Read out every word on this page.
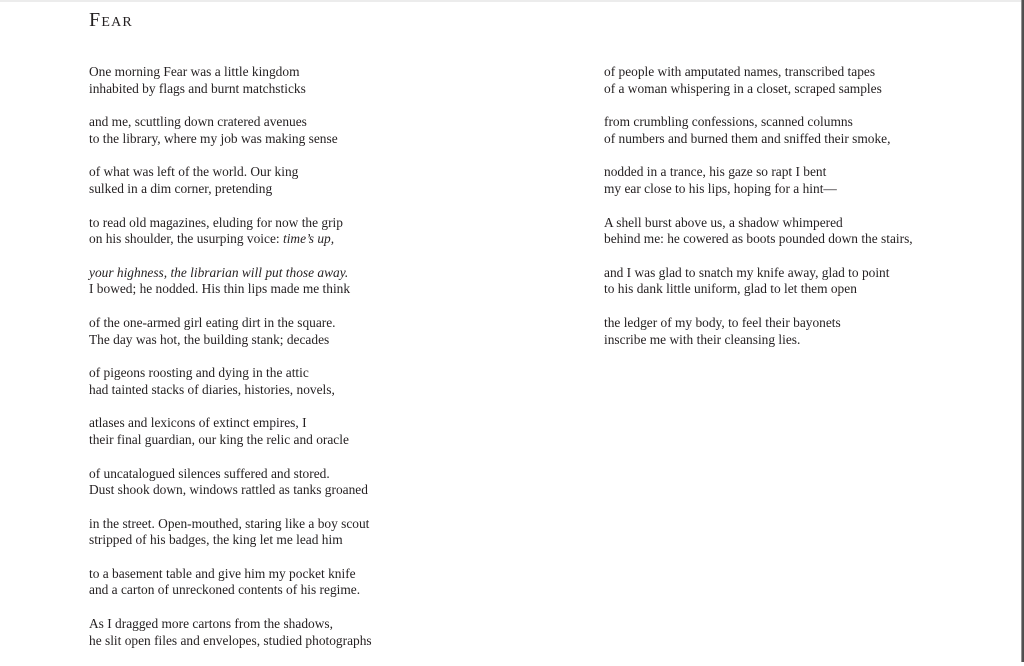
Fear
One morning Fear was a little kingdom
inhabited by flags and burnt matchsticks
and me, scuttling down cratered avenues
to the library, where my job was making sense
of what was left of the world. Our king
sulked in a dim corner, pretending
to read old magazines, eluding for now the grip
on his shoulder, the usurping voice: time’s up,
your highness, the librarian will put those away.
I bowed; he nodded. His thin lips made me think
of the one-armed girl eating dirt in the square.
The day was hot, the building stank; decades
of pigeons roosting and dying in the attic
had tainted stacks of diaries, histories, novels,
atlases and lexicons of extinct empires, I
their final guardian, our king the relic and oracle
of uncatalogued silences suffered and stored.
Dust shook down, windows rattled as tanks groaned
in the street. Open-mouthed, staring like a boy scout
stripped of his badges, the king let me lead him
to a basement table and give him my pocket knife
and a carton of unreckoned contents of his regime.
As I dragged more cartons from the shadows,
he slit open files and envelopes, studied photographs
of people with amputated names, transcribed tapes
of a woman whispering in a closet, scraped samples
from crumbling confessions, scanned columns
of numbers and burned them and sniffed their smoke,
nodded in a trance, his gaze so rapt I bent
my ear close to his lips, hoping for a hint—
A shell burst above us, a shadow whimpered
behind me: he cowered as boots pounded down the stairs,
and I was glad to snatch my knife away, glad to point
to his dank little uniform, glad to let them open
the ledger of my body, to feel their bayonets
inscribe me with their cleansing lies.
